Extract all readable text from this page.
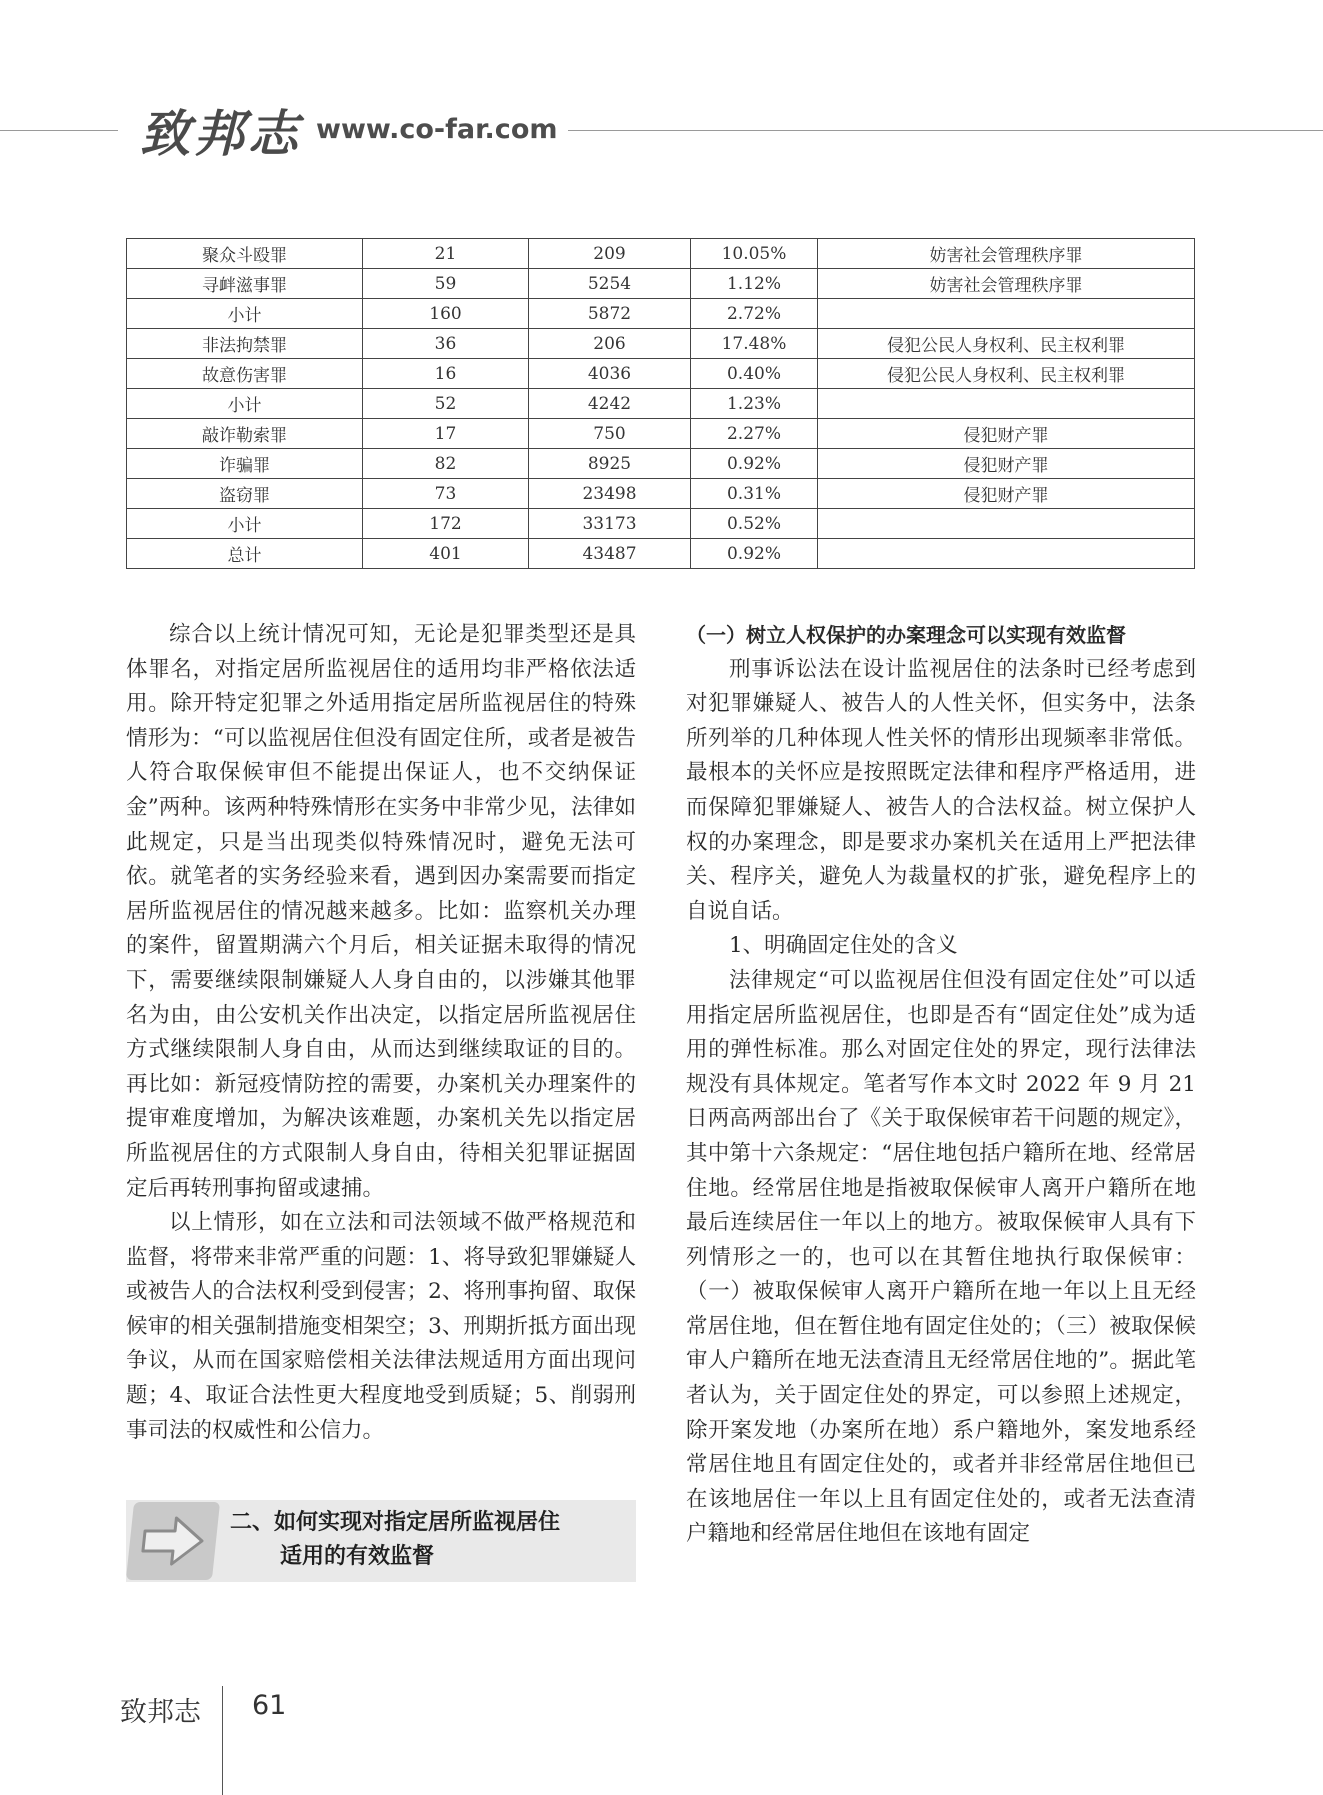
致邦志 www.co-far.com
聚众斗殴罪	21	209	10.05%	妨害社会管理秩序罪
寻衅滋事罪	59	5254	1.12%	妨害社会管理秩序罪
小计	160	5872	2.72%	
非法拘禁罪	36	206	17.48%	侵犯公民人身权利、民主权利罪
故意伤害罪	16	4036	0.40%	侵犯公民人身权利、民主权利罪
小计	52	4242	1.23%	
敲诈勒索罪	17	750	2.27%	侵犯财产罪
诈骗罪	82	8925	0.92%	侵犯财产罪
盗窃罪	73	23498	0.31%	侵犯财产罪
小计	172	33173	0.52%	
总计	401	43487	0.92%	

综合以上统计情况可知，无论是犯罪类型还是具体罪名，对指定居所监视居住的适用均非严格依法适用。除开特定犯罪之外适用指定居所监视居住的特殊情形为：“可以监视居住但没有固定住所，或者是被告人符合取保候审但不能提出保证人，也不交纳保证金”两种。该两种特殊情形在实务中非常少见，法律如此规定，只是当出现类似特殊情况时，避免无法可依。就笔者的实务经验来看，遇到因办案需要而指定居所监视居住的情况越来越多。比如：监察机关办理的案件，留置期满六个月后，相关证据未取得的情况下，需要继续限制嫌疑人人身自由的，以涉嫌其他罪名为由，由公安机关作出决定，以指定居所监视居住方式继续限制人身自由，从而达到继续取证的目的。再比如：新冠疫情防控的需要，办案机关办理案件的提审难度增加，为解决该难题，办案机关先以指定居所监视居住的方式限制人身自由，待相关犯罪证据固定后再转刑事拘留或逮捕。

以上情形，如在立法和司法领域不做严格规范和监督，将带来非常严重的问题：1、将导致犯罪嫌疑人或被告人的合法权利受到侵害；2、将刑事拘留、取保候审的相关强制措施变相架空；3、刑期折抵方面出现争议，从而在国家赔偿相关法律法规适用方面出现问题；4、取证合法性更大程度地受到质疑；5、削弱刑事司法的权威性和公信力。

二、如何实现对指定居所监视居住
适用的有效监督

（一）树立人权保护的办案理念可以实现有效监督

刑事诉讼法在设计监视居住的法条时已经考虑到对犯罪嫌疑人、被告人的人性关怀，但实务中，法条所列举的几种体现人性关怀的情形出现频率非常低。最根本的关怀应是按照既定法律和程序严格适用，进而保障犯罪嫌疑人、被告人的合法权益。树立保护人权的办案理念，即是要求办案机关在适用上严把法律关、程序关，避免人为裁量权的扩张，避免程序上的自说自话。

1、明确固定住处的含义

法律规定“可以监视居住但没有固定住处”可以适用指定居所监视居住，也即是否有“固定住处”成为适用的弹性标准。那么对固定住处的界定，现行法律法规没有具体规定。笔者写作本文时 2022 年 9 月 21 日两高两部出台了《关于取保候审若干问题的规定》，其中第十六条规定：“居住地包括户籍所在地、经常居住地。经常居住地是指被取保候审人离开户籍所在地最后连续居住一年以上的地方。被取保候审人具有下列情形之一的，也可以在其暂住地执行取保候审：（一）被取保候审人离开户籍所在地一年以上且无经常居住地，但在暂住地有固定住处的；（三）被取保候审人户籍所在地无法查清且无经常居住地的”。据此笔者认为，关于固定住处的界定，可以参照上述规定，除开案发地（办案所在地）系户籍地外，案发地系经常居住地且有固定住处的，或者并非经常居住地但已在该地居住一年以上且有固定住处的，或者无法查清户籍地和经常居住地但在该地有固定

致邦志 61
